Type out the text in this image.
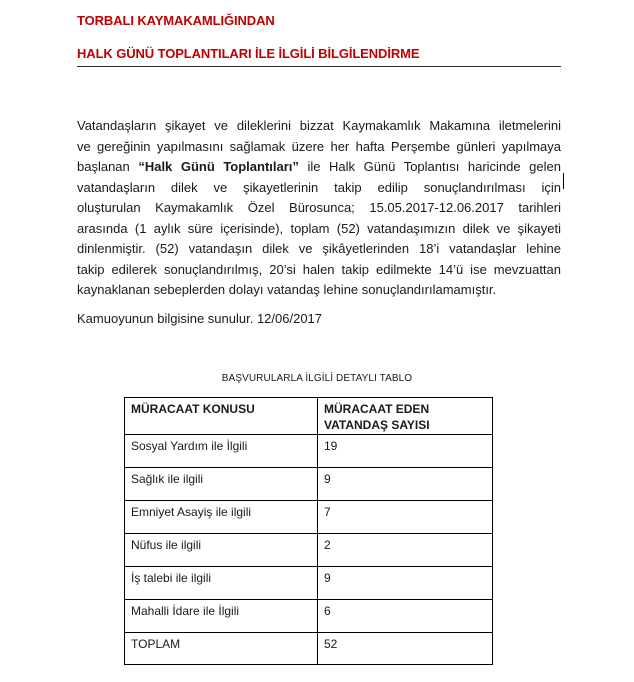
TORBALI KAYMAKAMLIĞINDAN
HALK GÜNÜ TOPLANTILARI İLE İLGİLİ BİLGİLENDİRME
Vatandaşların şikayet ve dileklerini bizzat Kaymakamlık Makamına iletmelerini
ve gereğinin yapılmasını sağlamak üzere her hafta Perşembe günleri yapılmaya
başlanan “Halk Günü Toplantıları” ile Halk Günü Toplantısı haricinde gelen
vatandaşların dilek ve şikayetlerinin takip edilip sonuçlandırılması için
oluşturulan Kaymakamlık Özel Bürosunca; 15.05.2017-12.06.2017 tarihleri
arasında (1 aylık süre içerisinde), toplam (52) vatandaşımızın dilek ve şikayeti
dinlenmiştir. (52) vatandaşın dilek ve şikâyetlerinden 18’i vatandaşlar lehine
takip edilerek sonuçlandırılmış, 20’si halen takip edilmekte 14’ü ise mevzuattan
kaynaklanan sebeplerden dolayı vatandaş lehine sonuçlandırılamamıştır.
Kamuoyunun bilgisine sunulur. 12/06/2017
BAŞVURULARLA İLGİLİ DETAYLI TABLO
MÜRACAAT KONUSU	MÜRACAAT EDEN VATANDAŞ SAYISI
Sosyal Yardım ile İlgili	19
Sağlık ile ilgili	9
Emniyet Asayiş ile ilgili	7
Nüfus ile ilgili	2
İş talebi ile ilgili	9
Mahalli İdare ile İlgili	6
TOPLAM	52
